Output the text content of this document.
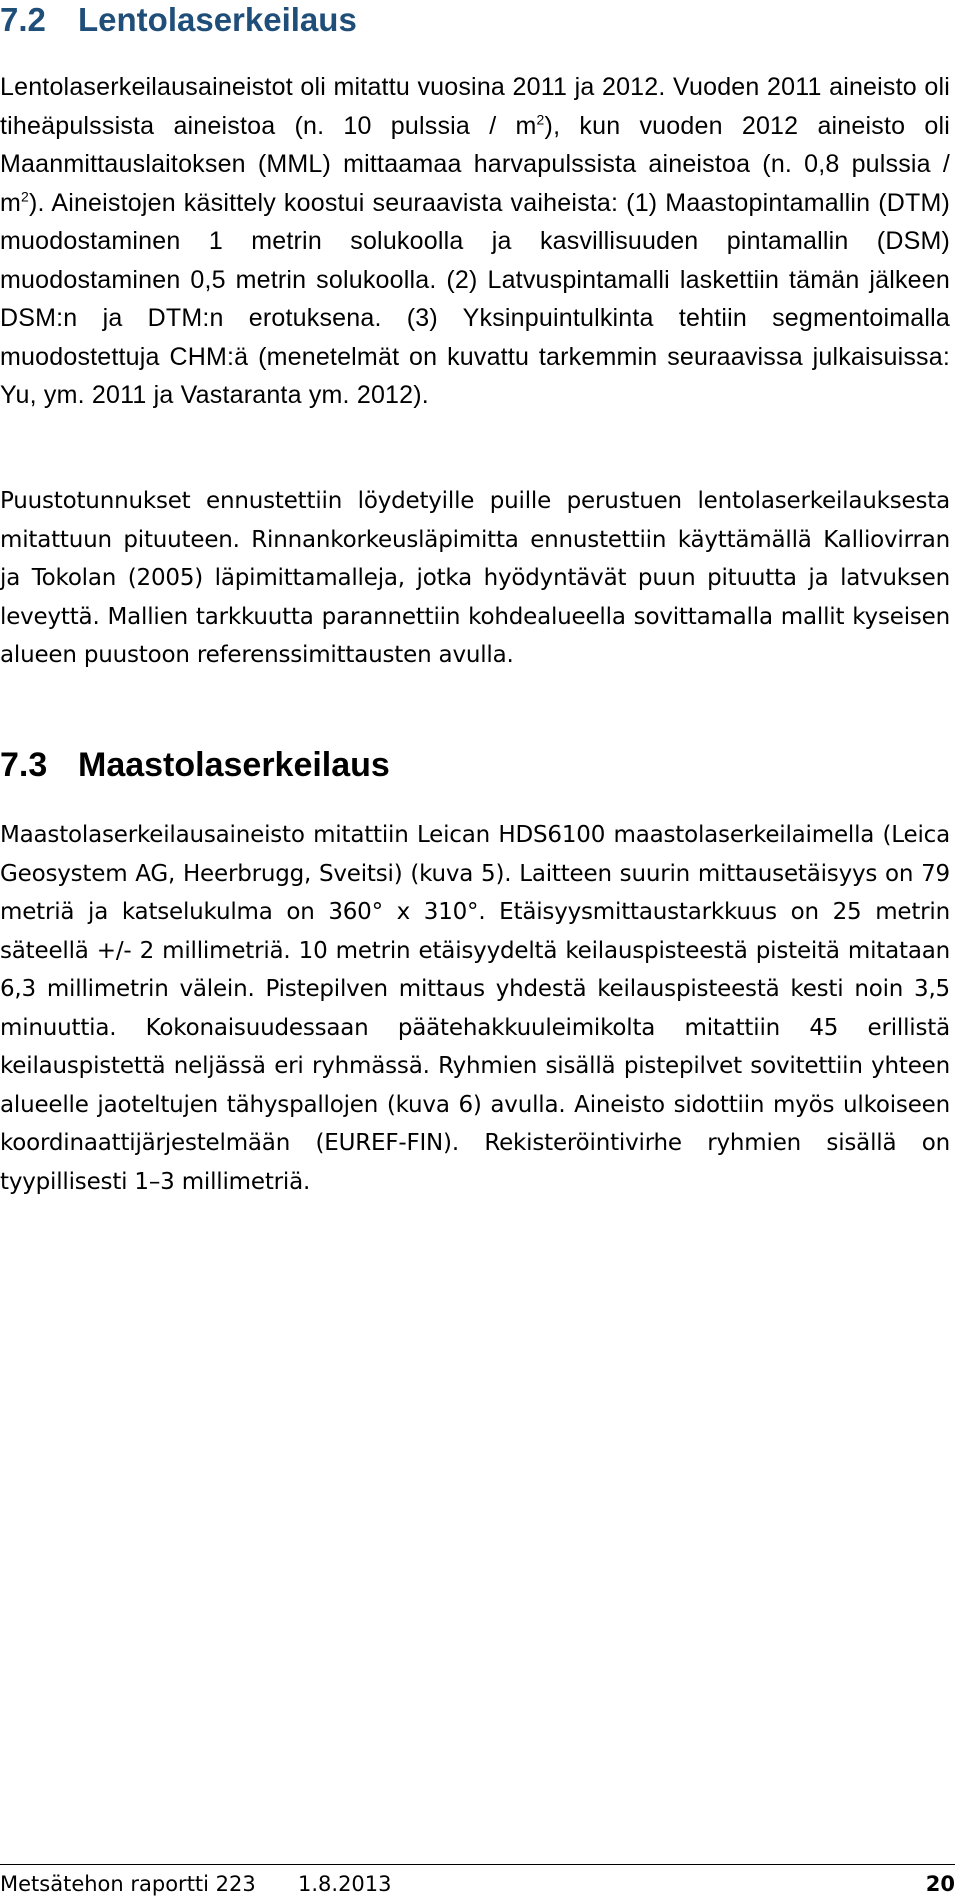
7.2 Lentolaserkeilaus

Lentolaserkeilausaineistot oli mitattu vuosina 2011 ja 2012. Vuoden 2011 aineisto oli tiheäpulssista aineistoa (n. 10 pulssia / $m^2$), kun vuoden 2012 aineisto oli Maanmittauslaitoksen (MML) mittaamaa harvapulssista aineistoa (n. 0,8 pulssia / $m^2$). Aineistojen käsittely koostui seuraavista vaiheista: (1) Maastopintamallin (DTM) muodostaminen 1 metrin solukoolla ja kasvillisuuden pintamallin (DSM) muodostaminen 0,5 metrin solukoolla. (2) Latvuspintamalli laskettiin tämän jälkeen DSM:n ja DTM:n erotuksena. (3) Yksinpuintulkinta tehtiin segmentoimalla muodostettuja CHM:ä (menetelmät on kuvattu tarkemmin seuraavissa julkaisuissa: Yu, ym. 2011 ja Vastaranta ym. 2012).

Puustotunnukset ennustettiin löydetyille puille perustuen lentolaserkeilauksesta mitattuun pituuteen. Rinnankorkeusläpimitta ennustettiin käyttämällä Kalliovirran ja Tokolan (2005) läpimittamalleja, jotka hyödyntävät puun pituutta ja latvuksen leveyttä. Mallien tarkkuutta parannettiin kohdealueella sovittamalla mallit kyseisen alueen puustoon referenssimittausten avulla.

7.3 Maastolaserkeilaus

Maastolaserkeilausaineisto mitattiin Leican HDS6100 maastolaserkeilaimella (Leica Geosystem AG, Heerbrugg, Sveitsi) (kuva 5). Laitteen suurin mittausetäisyys on 79 metriä ja katselukulma on 360° x 310°. Etäisyysmittaustarkkuus on 25 metrin säteellä +/- 2 millimetriä. 10 metrin etäisyydeltä keilauspisteestä pisteitä mitataan 6,3 millimetrin välein. Pistepilven mittaus yhdestä keilauspisteestä kesti noin 3,5 minuuttia. Kokonaisuudessaan päätehakkuuleimikolta mitattiin 45 erillistä keilauspistettä neljässä eri ryhmässä. Ryhmien sisällä pistepilvet sovitettiin yhteen alueelle jaoteltujen tähyspallojen (kuva 6) avulla. Aineisto sidottiin myös ulkoiseen koordinaattijärjestelmään (EUREF-FIN). Rekisteröintivirhe ryhmien sisällä on tyypillisesti 1–3 millimetriä.

Metsätehon raportti 223 1.8.2013	20
